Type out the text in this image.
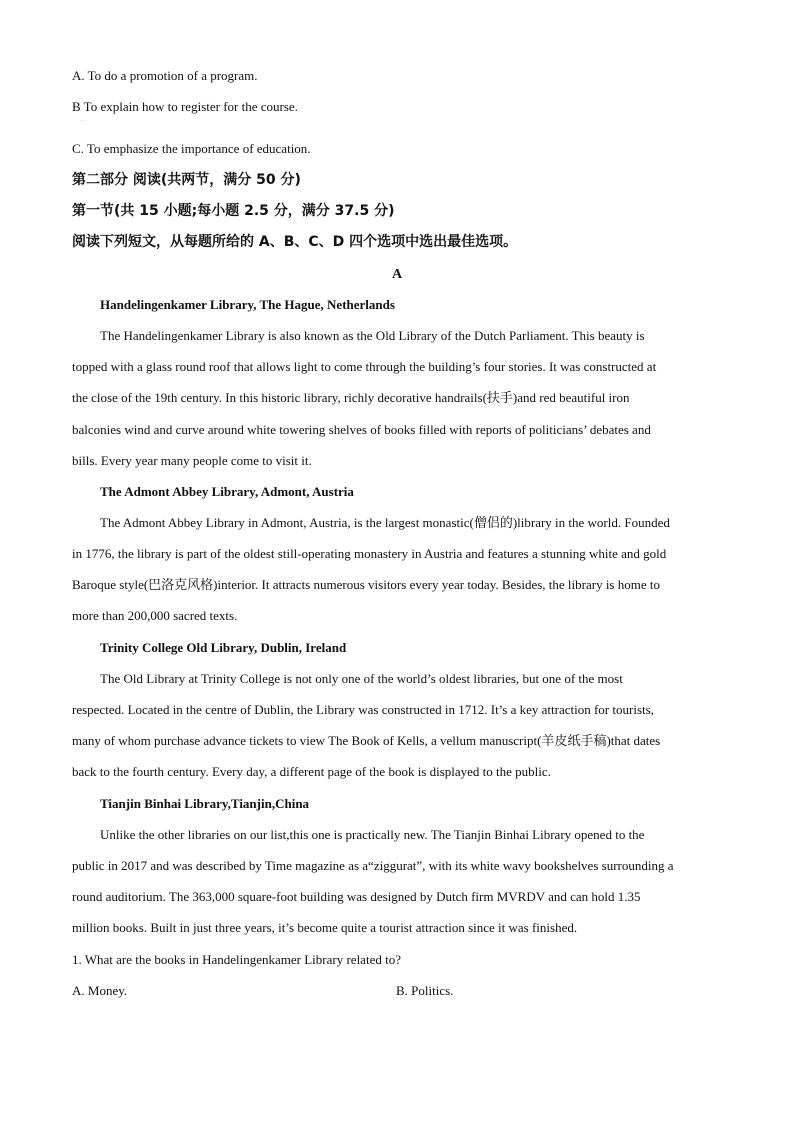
A. To do a promotion of a program.
B To explain how to register for the course.
.
C. To emphasize the importance of education.
第二部分 阅读(共两节，满分 50 分)
第一节(共 15 小题;每小题 2.5 分，满分 37.5 分)
阅读下列短文，从每题所给的 A、B、C、D 四个选项中选出最佳选项。
A
Handelingenkamer Library, The Hague, Netherlands
The Handelingenkamer Library is also known as the Old Library of the Dutch Parliament. This beauty is
topped with a glass round roof that allows light to come through the building’s four stories. It was constructed at
the close of the 19th century. In this historic library, richly decorative handrails(扶手)and red beautiful iron
balconies wind and curve around white towering shelves of books filled with reports of politicians’ debates and
bills. Every year many people come to visit it.
The Admont Abbey Library, Admont, Austria
The Admont Abbey Library in Admont, Austria, is the largest monastic(僧侣的)library in the world. Founded
in 1776, the library is part of the oldest still-operating monastery in Austria and features a stunning white and gold
Baroque style(巴洛克风格)interior. It attracts numerous visitors every year today. Besides, the library is home to
more than 200,000 sacred texts.
Trinity College Old Library, Dublin, Ireland
The Old Library at Trinity College is not only one of the world’s oldest libraries, but one of the most
respected. Located in the centre of Dublin, the Library was constructed in 1712. It’s a key attraction for tourists,
many of whom purchase advance tickets to view The Book of Kells, a vellum manuscript(羊皮纸手稿)that dates
back to the fourth century. Every day, a different page of the book is displayed to the public.
Tianjin Binhai Library,Tianjin,China
Unlike the other libraries on our list,this one is practically new. The Tianjin Binhai Library opened to the
public in 2017 and was described by Time magazine as a“ziggurat”, with its white wavy bookshelves surrounding a
round auditorium. The 363,000 square-foot building was designed by Dutch firm MVRDV and can hold 1.35
million books. Built in just three years, it’s become quite a tourist attraction since it was finished.
1. What are the books in Handelingenkamer Library related to?
A. Money.	B. Politics.
